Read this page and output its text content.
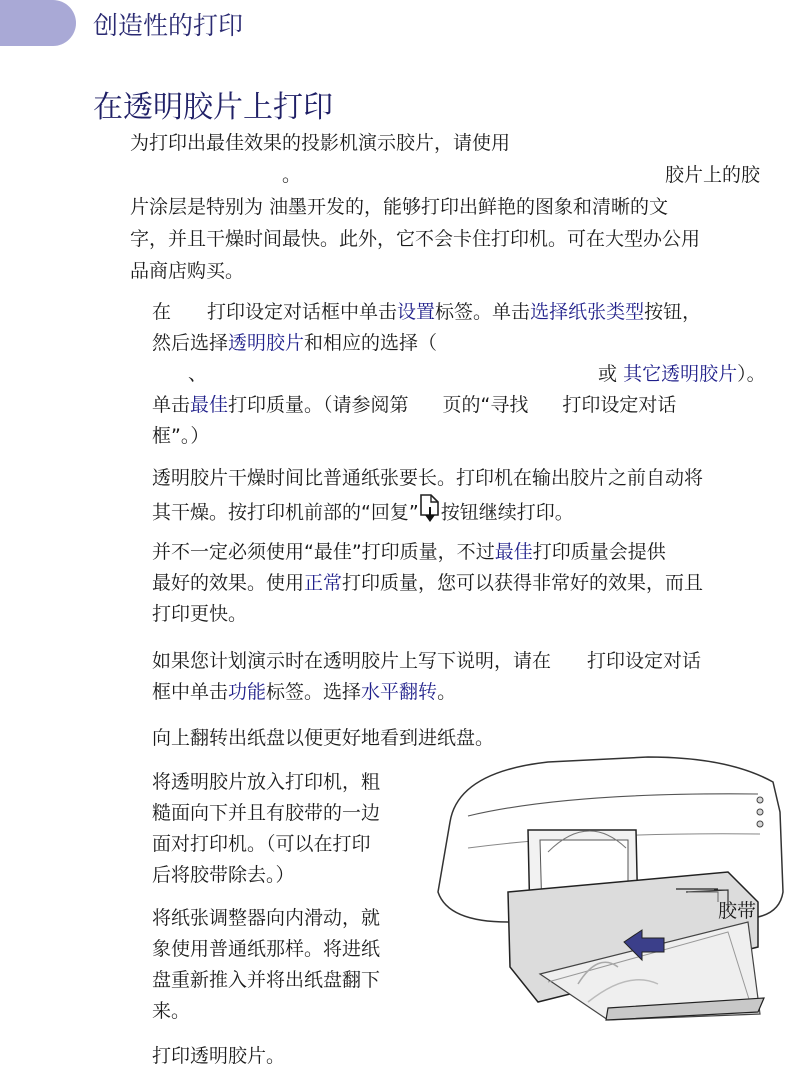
创造性的打印
在透明胶片上打印
为打印出最佳效果的投影机演示胶片，请使用
。	胶片上的胶
片涂层是特别为 油墨开发的，能够打印出鲜艳的图象和清晰的文
字，并且干燥时间最快。此外，它不会卡住打印机。可在大型办公用
品商店购买。
在 打印设定对话框中单击设置标签。单击选择纸张类型按钮，
然后选择透明胶片和相应的选择（
、	或 其它透明胶片）。
单击最佳打印质量。（请参阅第 页的“寻找 打印设定对话
框”。）
透明胶片干燥时间比普通纸张要长。打印机在输出胶片之前自动将
其干燥。按打印机前部的“回复” 按钮继续打印。
并不一定必须使用“最佳”打印质量，不过最佳打印质量会提供
最好的效果。使用正常打印质量，您可以获得非常好的效果，而且
打印更快。
如果您计划演示时在透明胶片上写下说明，请在 打印设定对话
框中单击功能标签。选择水平翻转。
向上翻转出纸盘以便更好地看到进纸盘。
将透明胶片放入打印机，粗
糙面向下并且有胶带的一边
面对打印机。（可以在打印
后将胶带除去。）
将纸张调整器向内滑动，就
象使用普通纸那样。将进纸
盘重新推入并将出纸盘翻下
来。
打印透明胶片。
胶带
